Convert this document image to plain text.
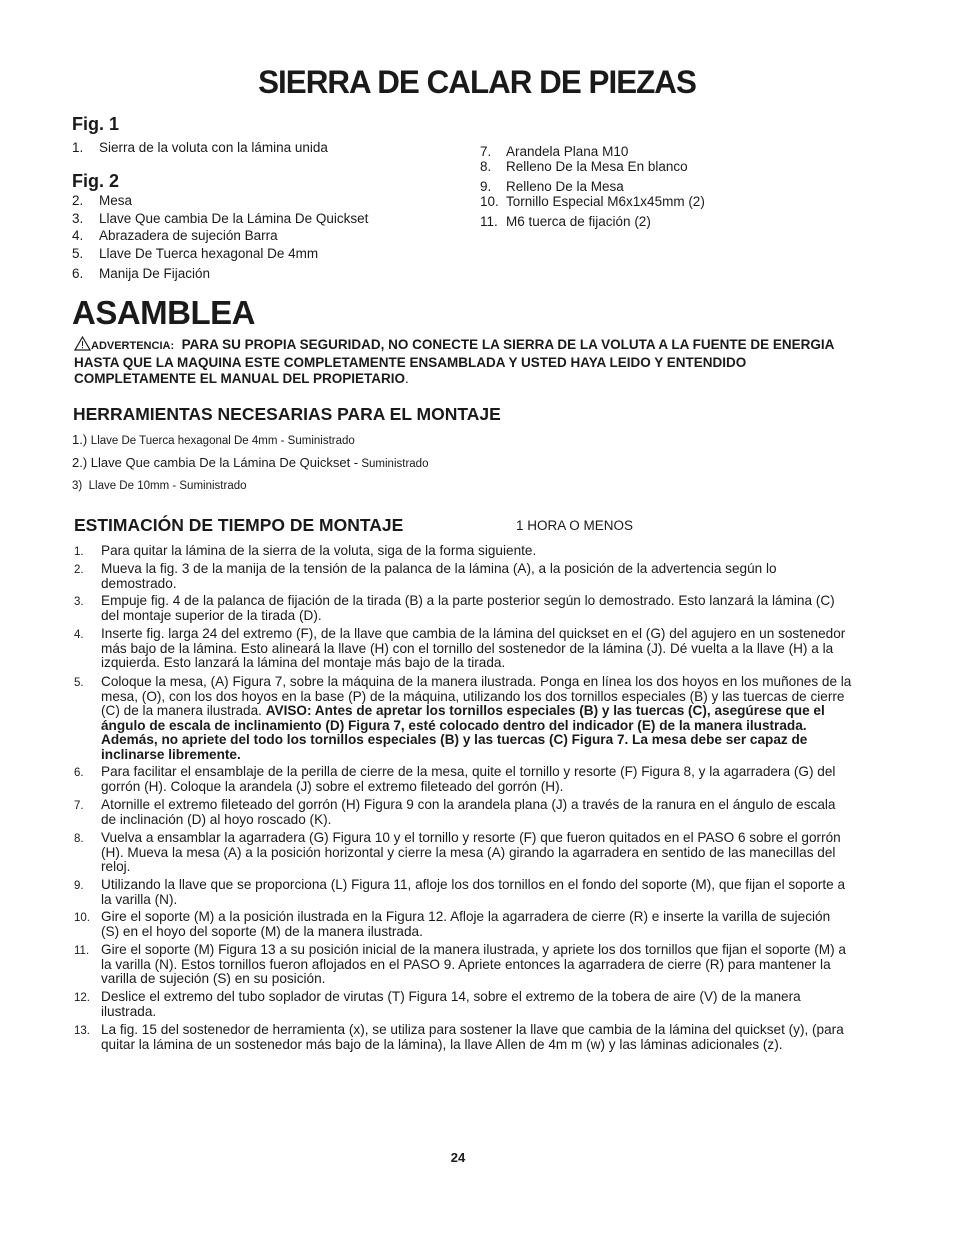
SIERRA DE CALAR DE PIEZAS
Fig. 1
1. Sierra de la voluta con la lámina unida
Fig. 2
2. Mesa
3. Llave Que cambia De la Lámina De Quickset
4. Abrazadera de sujeción Barra
5. Llave De Tuerca hexagonal De 4mm
6. Manija De Fijación
7. Arandela Plana M10
8. Relleno De la Mesa En blanco
9. Relleno De la Mesa
10. Tornillo Especial M6x1x45mm (2)
11. M6 tuerca de fijación (2)
ASAMBLEA
ADVERTENCIA: PARA SU PROPIA SEGURIDAD, NO CONECTE LA SIERRA DE LA VOLUTA A LA FUENTE DE ENERGIA HASTA QUE LA MAQUINA ESTE COMPLETAMENTE ENSAMBLADA Y USTED HAYA LEIDO Y ENTENDIDO COMPLETAMENTE EL MANUAL DEL PROPIETARIO.
HERRAMIENTAS NECESARIAS PARA EL MONTAJE
1.) Llave De Tuerca hexagonal De 4mm - Suministrado
2.) Llave Que cambia De la Lámina De Quickset - Suministrado
3) Llave De 10mm - Suministrado
ESTIMACIÓN DE TIEMPO DE MONTAJE	1 HORA O MENOS
1. Para quitar la lámina de la sierra de la voluta, siga de la forma siguiente.
2. Mueva la fig. 3 de la manija de la tensión de la palanca de la lámina (A), a la posición de la advertencia según lo demostrado.
3. Empuje fig. 4 de la palanca de fijación de la tirada (B) a la parte posterior según lo demostrado. Esto lanzará la lámina (C) del montaje superior de la tirada (D).
4. Inserte fig. larga 24 del extremo (F), de la llave que cambia de la lámina del quickset en el (G) del agujero en un sostenedor más bajo de la lámina. Esto alineará la llave (H) con el tornillo del sostenedor de la lámina (J). Dé vuelta a la llave (H) a la izquierda. Esto lanzará la lámina del montaje más bajo de la tirada.
5. Coloque la mesa, (A) Figura 7, sobre la máquina de la manera ilustrada. Ponga en línea los dos hoyos en los muñones de la mesa, (O), con los dos hoyos en la base (P) de la máquina, utilizando los dos tornillos especiales (B) y las tuercas de cierre (C) de la manera ilustrada. AVISO: Antes de apretar los tornillos especiales (B) y las tuercas (C), asegúrese que el ángulo de escala de inclinamiento (D) Figura 7, esté colocado dentro del indicador (E) de la manera ilustrada. Además, no apriete del todo los tornillos especiales (B) y las tuercas (C) Figura 7. La mesa debe ser capaz de inclinarse libremente.
6. Para facilitar el ensamblaje de la perilla de cierre de la mesa, quite el tornillo y resorte (F) Figura 8, y la agarradera (G) del gorrón (H). Coloque la arandela (J) sobre el extremo fileteado del gorrón (H).
7. Atornille el extremo fileteado del gorrón (H) Figura 9 con la arandela plana (J) a través de la ranura en el ángulo de escala de inclinación (D) al hoyo roscado (K).
8. Vuelva a ensamblar la agarradera (G) Figura 10 y el tornillo y resorte (F) que fueron quitados en el PASO 6 sobre el gorrón (H). Mueva la mesa (A) a la posición horizontal y cierre la mesa (A) girando la agarradera en sentido de las manecillas del reloj.
9. Utilizando la llave que se proporciona (L) Figura 11, afloje los dos tornillos en el fondo del soporte (M), que fijan el soporte a la varilla (N).
10. Gire el soporte (M) a la posición ilustrada en la Figura 12. Afloje la agarradera de cierre (R) e inserte la varilla de sujeción (S) en el hoyo del soporte (M) de la manera ilustrada.
11. Gire el soporte (M) Figura 13 a su posición inicial de la manera ilustrada, y apriete los dos tornillos que fijan el soporte (M) a la varilla (N). Estos tornillos fueron aflojados en el PASO 9. Apriete entonces la agarradera de cierre (R) para mantener la varilla de sujeción (S) en su posición.
12. Deslice el extremo del tubo soplador de virutas (T) Figura 14, sobre el extremo de la tobera de aire (V) de la manera ilustrada.
13. La fig. 15 del sostenedor de herramienta (x), se utiliza para sostener la llave que cambia de la lámina del quickset (y), (para quitar la lámina de un sostenedor más bajo de la lámina), la llave Allen de 4m m (w) y las láminas adicionales (z).
24
